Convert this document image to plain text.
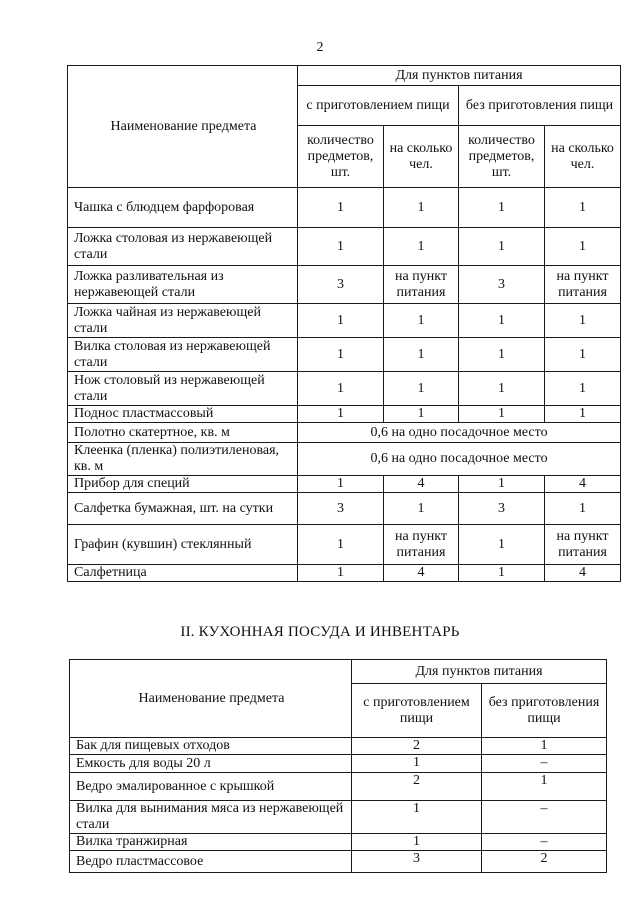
2
Наименование предмета	Для пунктов питания			
	с приготовлением пищи		без приготовления пищи	
	количество предметов, шт.	на сколько чел.	количество предметов, шт.	на сколько чел.
Чашка с блюдцем фарфоровая	1	1	1	1
Ложка столовая из нержавеющей стали	1	1	1	1
Ложка разливательная из нержавеющей стали	3	на пункт питания	3	на пункт питания
Ложка чайная из нержавеющей стали	1	1	1	1
Вилка столовая из нержавеющей стали	1	1	1	1
Нож столовый из нержавеющей стали	1	1	1	1
Поднос пластмассовый	1	1	1	1
Полотно скатертное, кв. м	0,6 на одно посадочное место			
Клеенка (пленка) полиэтиленовая, кв. м	0,6 на одно посадочное место			
Прибор для специй	1	4	1	4
Салфетка бумажная, шт. на сутки	3	1	3	1
Графин (кувшин) стеклянный	1	на пункт питания	1	на пункт питания
Салфетница	1	4	1	4
II. КУХОННАЯ ПОСУДА И ИНВЕНТАРЬ
Наименование предмета	Для пунктов питания	
	с приготовлением пищи	без приготовления пищи
Бак для пищевых отходов	2	1
Емкость для воды 20 л	1	–
Ведро эмалированное с крышкой	2	1
Вилка для вынимания мяса из нержавеющей стали	1	–
Вилка транжирная	1	–
Ведро пластмассовое	3	2
